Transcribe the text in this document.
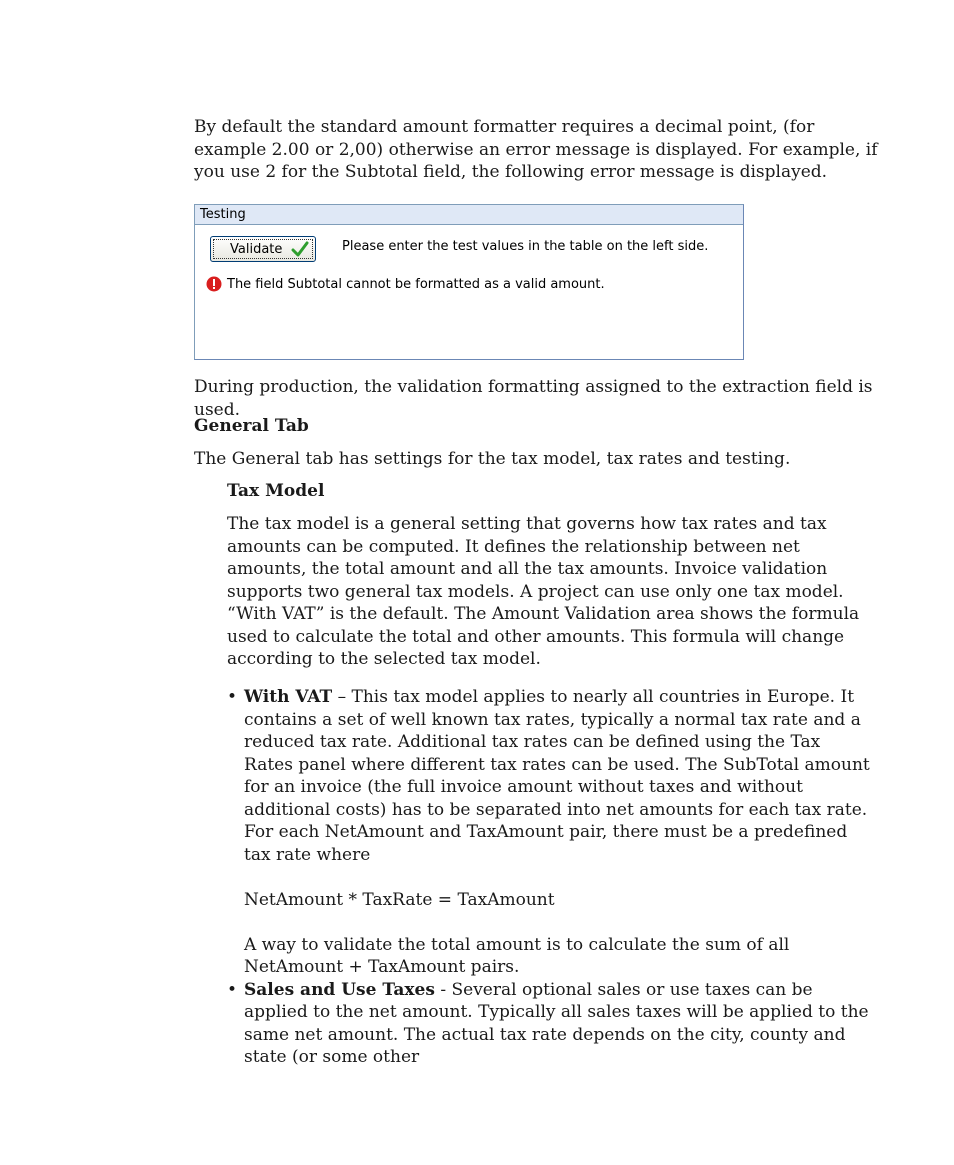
By default the standard amount formatter requires a decimal point, (for example 2.00 or 2,00) otherwise an error message is displayed. For example, if you use 2 for the Subtotal field, the following error message is displayed.

Testing
Validate	Please enter the test values in the table on the left side.
The field Subtotal cannot be formatted as a valid amount.

During production, the validation formatting assigned to the extraction field is used.

General Tab

The General tab has settings for the tax model, tax rates and testing.

Tax Model

The tax model is a general setting that governs how tax rates and tax amounts can be computed. It defines the relationship between net amounts, the total amount and all the tax amounts. Invoice validation supports two general tax models. A project can use only one tax model.

“With VAT” is the default. The Amount Validation area shows the formula used to calculate the total and other amounts. This formula will change according to the selected tax model.

• With VAT – This tax model applies to nearly all countries in Europe. It contains a set of well known tax rates, typically a normal tax rate and a reduced tax rate. Additional tax rates can be defined using the Tax Rates panel where different tax rates can be used. The SubTotal amount for an invoice (the full invoice amount without taxes and without additional costs) has to be separated into net amounts for each tax rate.

For each NetAmount and TaxAmount pair, there must be a predefined tax rate where

NetAmount * TaxRate = TaxAmount

A way to validate the total amount is to calculate the sum of all NetAmount + TaxAmount pairs.

• Sales and Use Taxes - Several optional sales or use taxes can be applied to the net amount. Typically all sales taxes will be applied to the same net amount. The actual tax rate depends on the city, county and state (or some other
